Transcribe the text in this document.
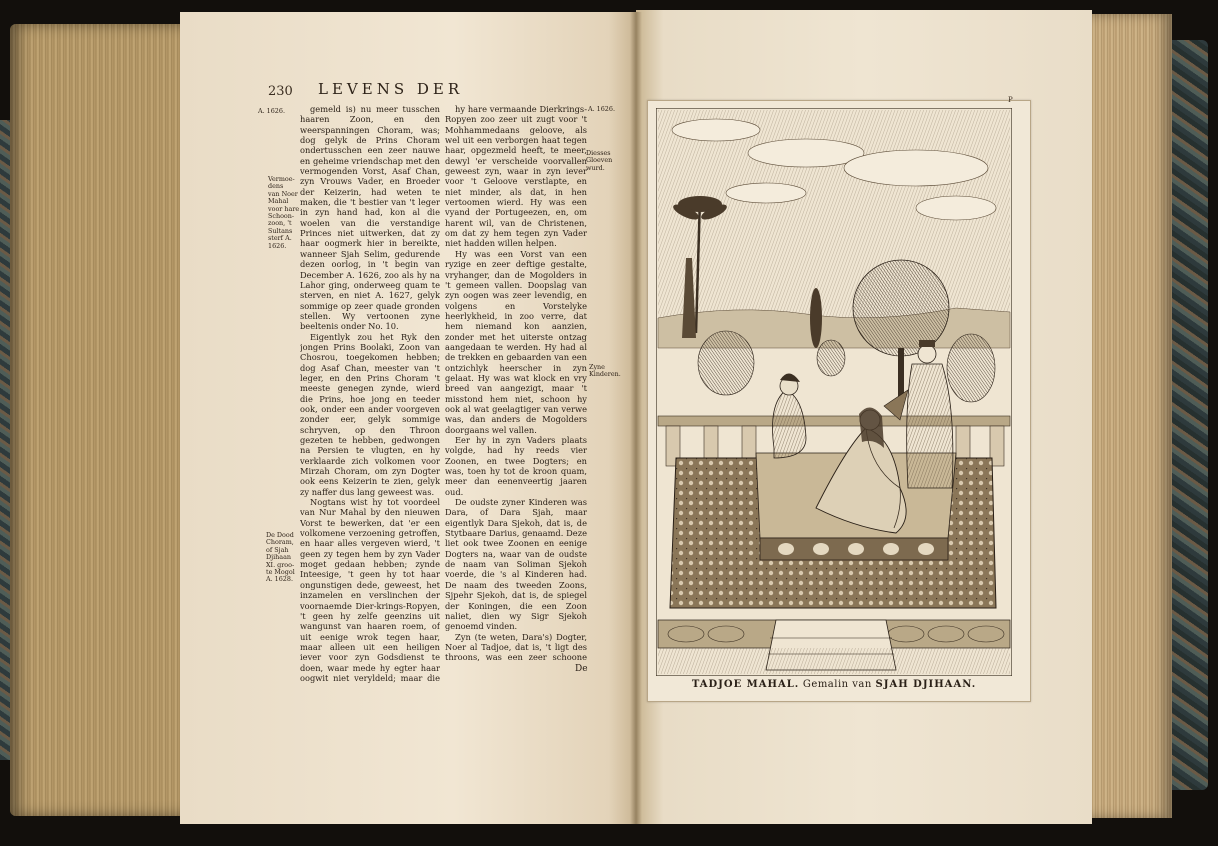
230 LEVENS DER
A. 1626.
Vermoe-
dens
van Noer
Mahal
voor hare
Schoon-
zoon, 't
Sultans
sterf A.
1626.
De Dood
Choram,
of Sjah
Djihaan
XI. groo-
te Mogol
A. 1628.

gemeld is) nu meer tusschen haaren Zoon, en den weerspanningen Choram, was; dog gelyk de Prins Choram ondertusschen een zeer nauwe en geheime vriendschap met den vermogenden Vorst, Asaf Chan, zyn Vrouws Vader, en Broeder der Keizerin, had weten te maken, die 't bestier van 't leger in zyn hand had, kon al die woelen van die verstandige Princes niet uitwerken, dat zy haar oogmerk hier in bereikte, wanneer Sjah Selim, gedurende dezen oorlog, in 't begin van December A. 1626, zoo als hy na Lahor ging, onderweeg quam te sterven, en niet A. 1627, gelyk sommige op zeer quade gronden stellen. Wy vertoonen zyne beeltenis onder No. 10.

Eigentlyk zou het Ryk den jongen Prins Boolaki, Zoon van Chosrou, toegekomen hebben; dog Asaf Chan, meester van 't leger, en den Prins Choram 't meeste genegen zynde, wierd die Prins, hoe jong en teeder ook, onder een ander voorgeven zonder eer, gelyk sommige schryven, op den Throon gezeten te hebben, gedwongen na Persien te vlugten, en hy verklaarde zich volkomen voor Mirzah Choram, om zyn Dogter ook eens Keizerin te zien, gelyk zy naffer dus lang geweest was.

Nogtans wist hy tot voordeel van Nur Mahal by den nieuwen Vorst te bewerken, dat 'er een volkomene verzoening getroffen, en haar alles vergeven wierd, 't geen zy tegen hem by zyn Vader moget gedaan hebben; zynde Inteesige, 't geen hy tot haar ongunstigen dede, geweest, het inzamelen en verslinchen der voornaemde Dier-krings-Ropyen, 't geen hy zelfe geenzins uit wangunst van haaren roem, of uit eenige wrok tegen haar, maar alleen uit een heiligen iever voor zyn Godsdienst te doen, waar mede hy egter haar oogwit niet veryldeld; maar die

hy hare vermaande Dierkrings-Ropyen zoo zeer uit zugt voor 't Mohhammedaans geloove, als wel uit een verborgen haat tegen haar, opgezmeld heeft, te meer, dewyl 'er verscheide voorvallen geweest zyn, waar in zyn iever voor 't Geloove verstlapte, en niet minder, als dat, in hen vertoomen wierd. Hy was een vyand der Portugeezen, en, om harent wil, van de Christenen, om dat zy hem tegen zyn Vader niet hadden willen helpen.

Hy was een Vorst van een ryzige en zeer deftige gestalte, vryhanger, dan de Mogolders in 't gemeen vallen. Doopslag van zyn oogen was zeer levendig, en volgens en Vorstelyke heerlykheid, in zoo verre, dat hem niemand kon aanzien, zonder met het uiterste ontzag aangedaan te werden. Hy had al de trekken en gebaarden van een ontzichlyk heerscher in zyn gelaat. Hy was wat klock en vry breed van aangezigt, maar 't misstond hem niet, schoon hy ook al wat geelagtiger van verwe was, dan anders de Mogolders doorgaans wel vallen.

Eer hy in zyn Vaders plaats volgde, had hy reeds vier Zoonen, en twee Dogters; en was, toen hy tot de kroon quam, meer dan eenenveertig jaaren oud.

De oudste zyner Kinderen was Dara, of Dara Sjah, maar eigentlyk Dara Sjekoh, dat is, de Stytbaare Darius, genaamd. Deze liet ook twee Zoonen en eenige Dogters na, waar van de oudste de naam van Soliman Sjekoh voerde, die 's al Kinderen had. De naam des tweeden Zoons, Sjpehr Sjekoh, dat is, de spiegel der Koningen, die een Zoon naliet, dien wy Sigr Sjekoh genoemd vinden.

Zyn (te weten, Dara's) Dogter, Noer al Tadjoe, dat is, 't ligt des throons, was een zeer schoone

A. 1626.
Diesses
Gloeven
wurd.
Zyne
Kinderen.
De
P
TADJOE MAHAL. Gemalin van SJAH DJIHAAN.
